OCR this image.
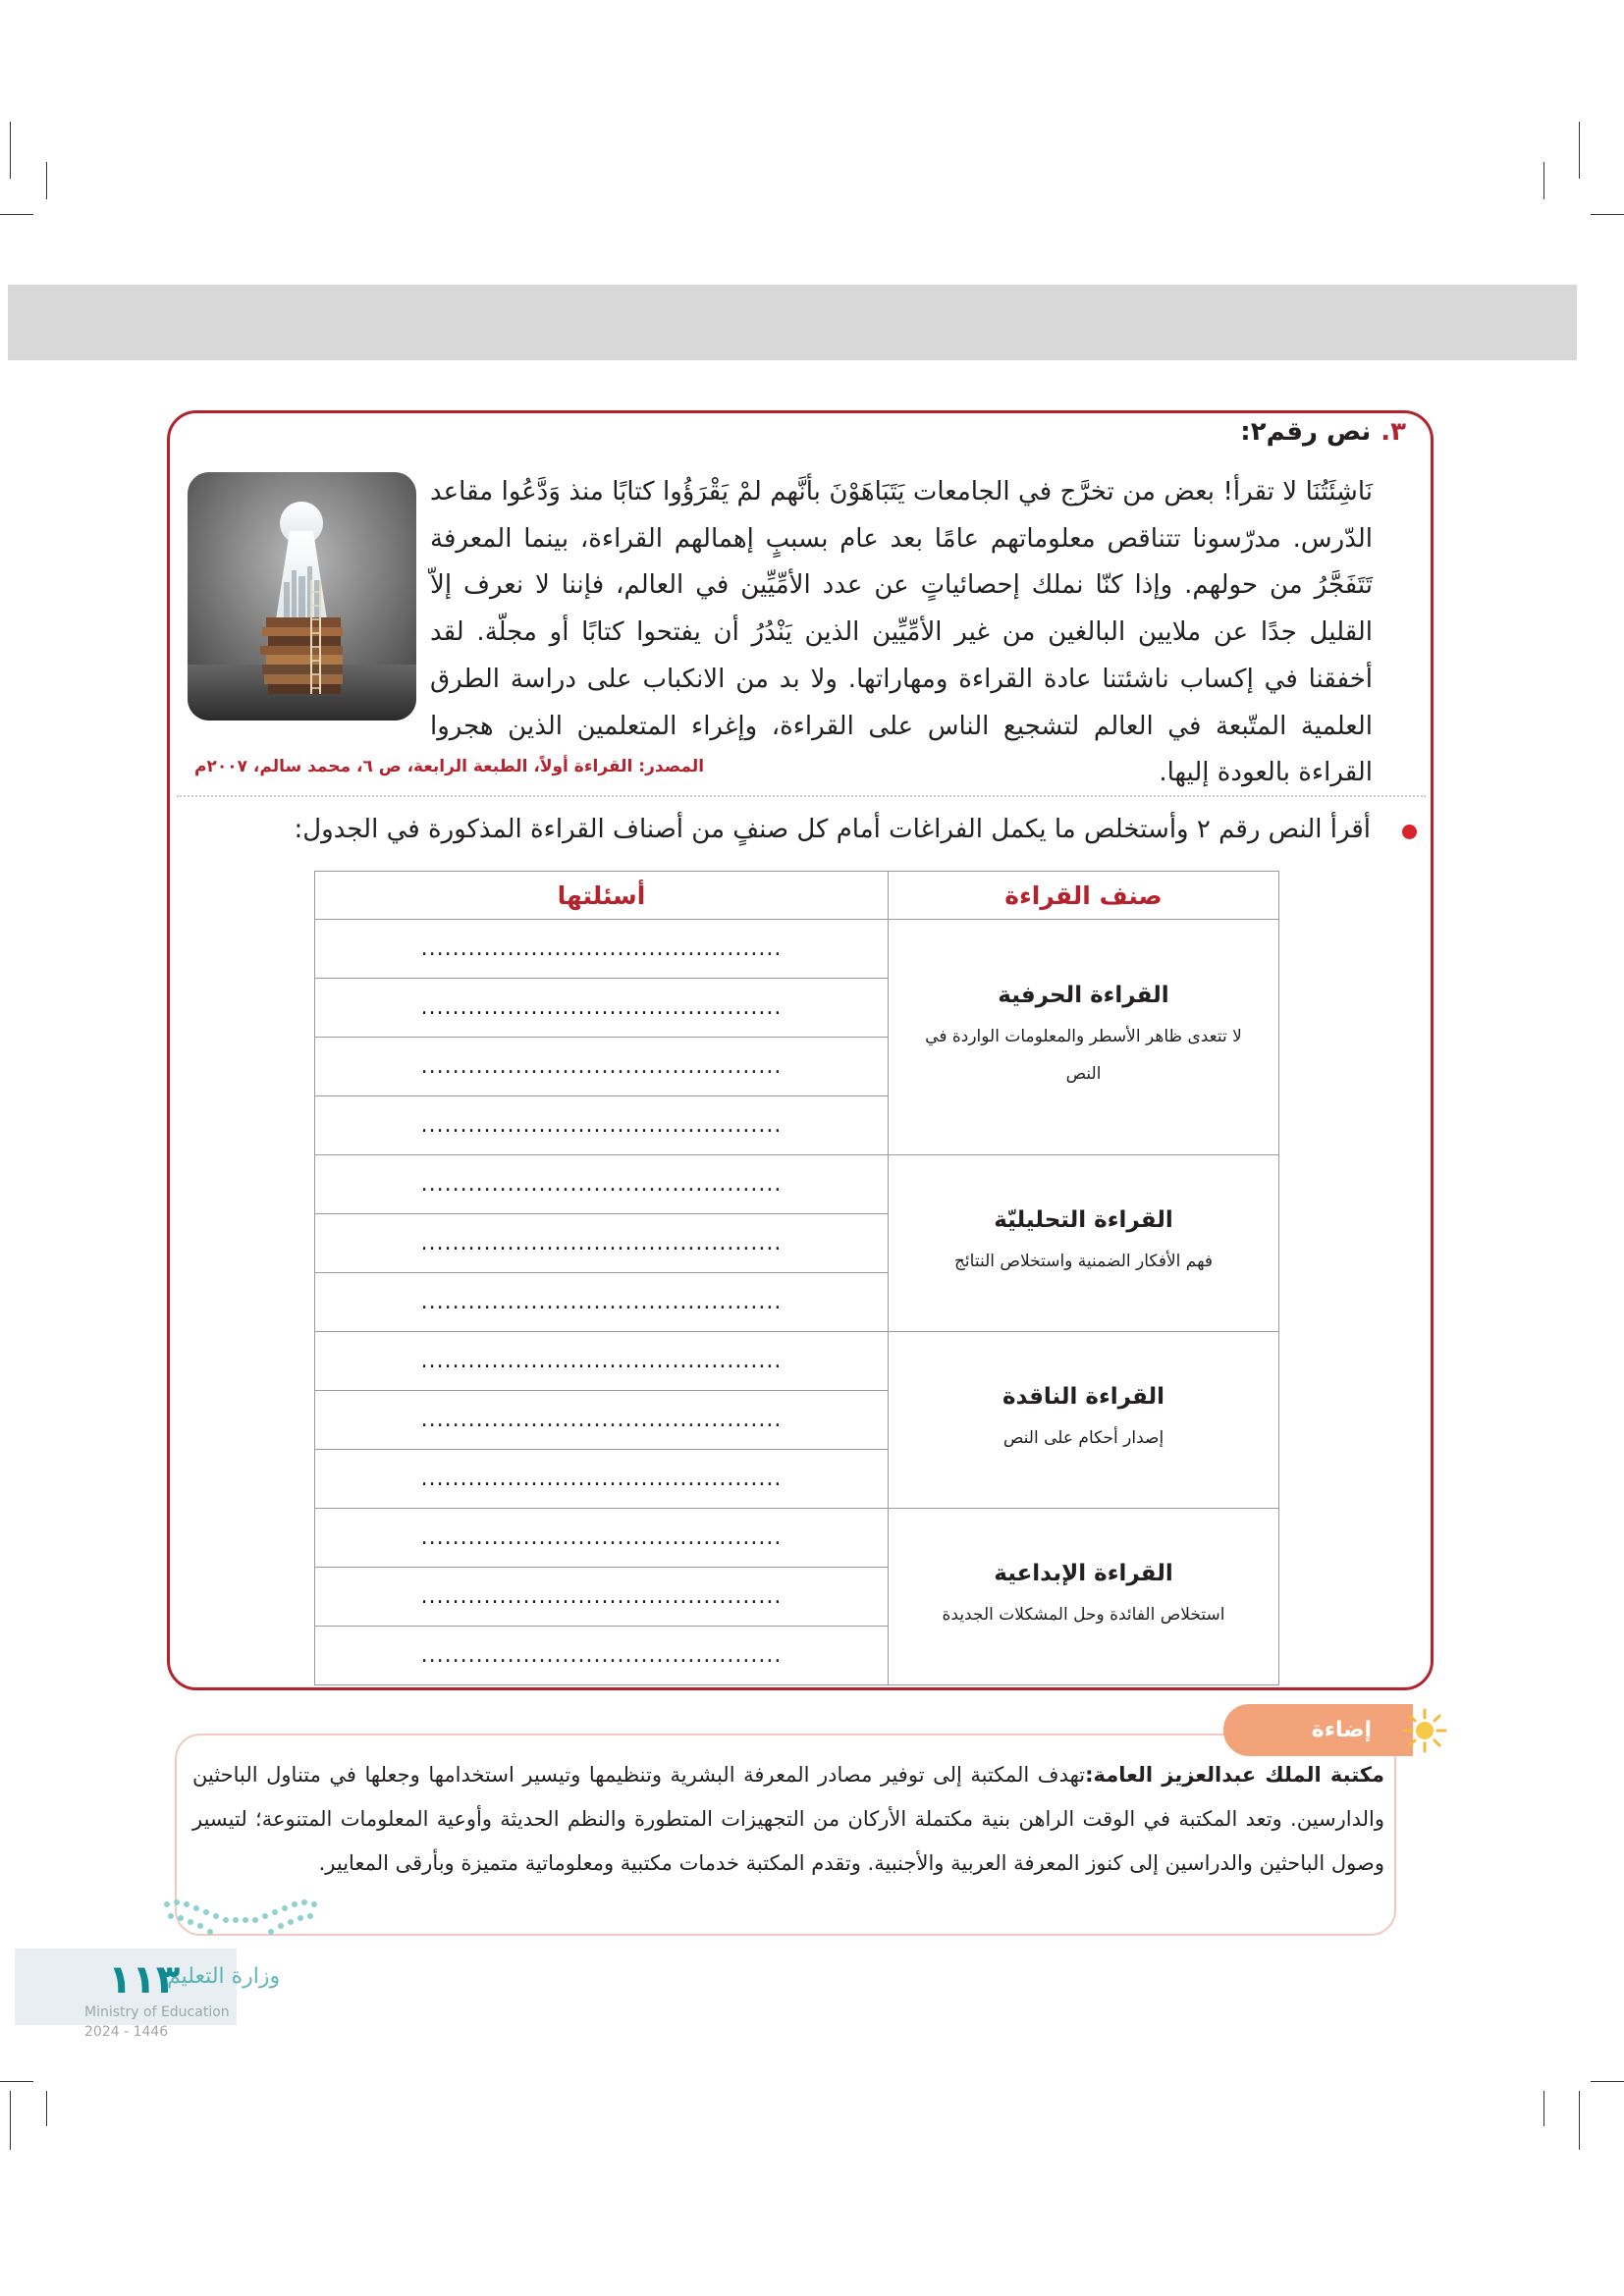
٣.نص رقم٢:

نَاشِئَتُنَا لا تقرأ! بعض من تخرَّج في الجامعات يَتَبَاهَوْنَ بأنَّهم لمْ يَقْرَؤُوا كتابًا منذ وَدَّعُوا مقاعد الدّرس. مدرّسونا تتناقص معلوماتهم عامًا بعد عام بسببٍ إهمالهم القراءة، بينما المعرفة تَتَفَجَّرُ من حولهم. وإذا كنّا نملك إحصائياتٍ عن عدد الأمِّيِّين في العالم، فإننا لا نعرف إلاّ القليل جدًا عن ملايين البالغين من غير الأمِّيِّين الذين يَنْدُرُ أن يفتحوا كتابًا أو مجلّة. لقد أخفقنا في إكساب ناشئتنا عادة القراءة ومهاراتها. ولا بد من الانكباب على دراسة الطرق العلمية المتّبعة في العالم لتشجيع الناس على القراءة، وإغراء المتعلمين الذين هجروا القراءة بالعودة إليها.

المصدر: القراءة أولاً، الطبعة الرابعة، ص ٦، محمد سالم، ٢٠٠٧م
أقرأ النص رقم ٢ وأستخلص ما يكمل الفراغات أمام كل صنفٍ من أصناف القراءة المذكورة في الجدول:
أسئلتها	صنف القراءة
..............................................	القراءة الحرفية
لا تتعدى ظاهر الأسطر والمعلومات الواردة في النص

..............................................	
..............................................	
..............................................	
..............................................	القراءة التحليليّة
فهم الأفكار الضمنية واستخلاص النتائج

..............................................	
..............................................	
..............................................	القراءة الناقدة
إصدار أحكام على النص

..............................................	
..............................................	
..............................................	القراءة الإبداعية
استخلاص الفائدة وحل المشكلات الجديدة

..............................................	
..............................................	
إضاءة

مكتبة الملك عبدالعزيز العامة:تهدف المكتبة إلى توفير مصادر المعرفة البشرية وتنظيمها وتيسير استخدامها وجعلها في متناول الباحثين والدارسين. وتعد المكتبة في الوقت الراهن بنية مكتملة الأركان من التجهيزات المتطورة والنظم الحديثة وأوعية المعلومات المتنوعة؛ لتيسير وصول الباحثين والدراسين إلى كنوز المعرفة العربية والأجنبية. وتقدم المكتبة خدمات مكتبية ومعلوماتية متميزة وبأرقى المعايير.

١١٣
وزارة التعليم
Ministry of Education
2024 - 1446
